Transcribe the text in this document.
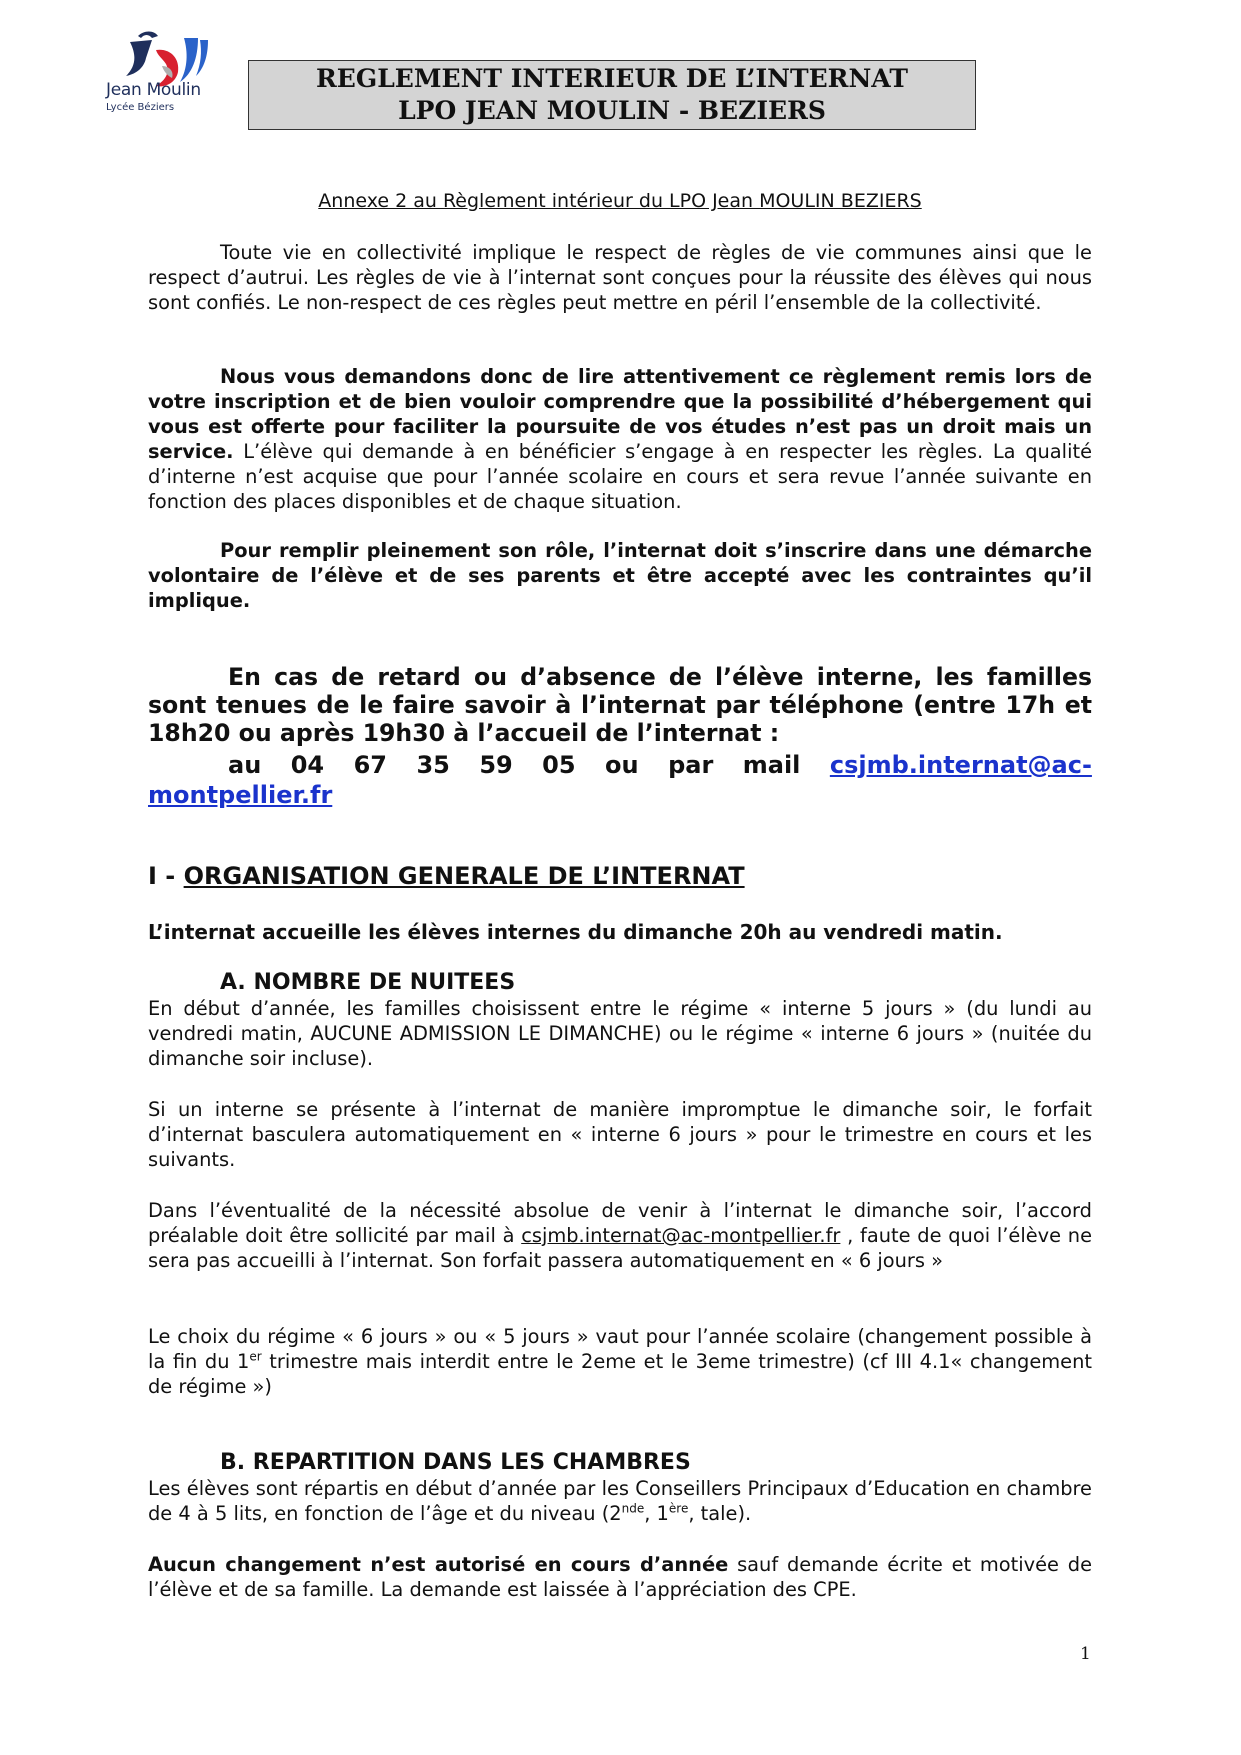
Jean Moulin
Lycée Béziers
REGLEMENT INTERIEUR DE L’INTERNAT
LPO JEAN MOULIN - BEZIERS
Annexe 2 au Règlement intérieur du LPO Jean MOULIN BEZIERS

Toute vie en collectivité implique le respect de règles de vie communes ainsi que le respect d’autrui. Les règles de vie à l’internat sont conçues pour la réussite des élèves qui nous sont confiés. Le non-respect de ces règles peut mettre en péril l’ensemble de la collectivité.

Nous vous demandons donc de lire attentivement ce règlement remis lors de votre inscription et de bien vouloir comprendre que la possibilité d’hébergement qui vous est offerte pour faciliter la poursuite de vos études n’est pas un droit mais un service. L’élève qui demande à en bénéficier s’engage à en respecter les règles. La qualité d’interne n’est acquise que pour l’année scolaire en cours et sera revue l’année suivante en fonction des places disponibles et de chaque situation.

Pour remplir pleinement son rôle, l’internat doit s’inscrire dans une démarche volontaire de l’élève et de ses parents et être accepté avec les contraintes qu’il implique.

En cas de retard ou d’absence de l’élève interne, les familles sont tenues de le faire savoir à l’internat par téléphone (entre 17h et 18h20 ou après 19h30 à l’accueil de l’internat :

au 04 67 35 59 05 ou par mail csjmb.internat@ac-
montpellier.fr
I - ORGANISATION GENERALE DE L’INTERNAT
L’internat accueille les élèves internes du dimanche 20h au vendredi matin.
A. NOMBRE DE NUITEES
En début d’année, les familles choisissent entre le régime « interne 5 jours » (du lundi au vendredi matin, AUCUNE ADMISSION LE DIMANCHE) ou le régime « interne 6 jours » (nuitée du dimanche soir incluse).
Si un interne se présente à l’internat de manière impromptue le dimanche soir, le forfait d’internat basculera automatiquement en « interne 6 jours » pour le trimestre en cours et les suivants.
Dans l’éventualité de la nécessité absolue de venir à l’internat le dimanche soir, l’accord préalable doit être sollicité par mail à csjmb.internat@ac-montpellier.fr , faute de quoi l’élève ne sera pas accueilli à l’internat. Son forfait passera automatiquement en « 6 jours »
Le choix du régime « 6 jours » ou « 5 jours » vaut pour l’année scolaire (changement possible à la fin du 1er trimestre mais interdit entre le 2eme et le 3eme trimestre) (cf III 4.1« changement de régime »)
B. REPARTITION DANS LES CHAMBRES
Les élèves sont répartis en début d’année par les Conseillers Principaux d’Education en chambre de 4 à 5 lits, en fonction de l’âge et du niveau (2nde, 1ère, tale).
Aucun changement n’est autorisé en cours d’année sauf demande écrite et motivée de l’élève et de sa famille. La demande est laissée à l’appréciation des CPE.
1
